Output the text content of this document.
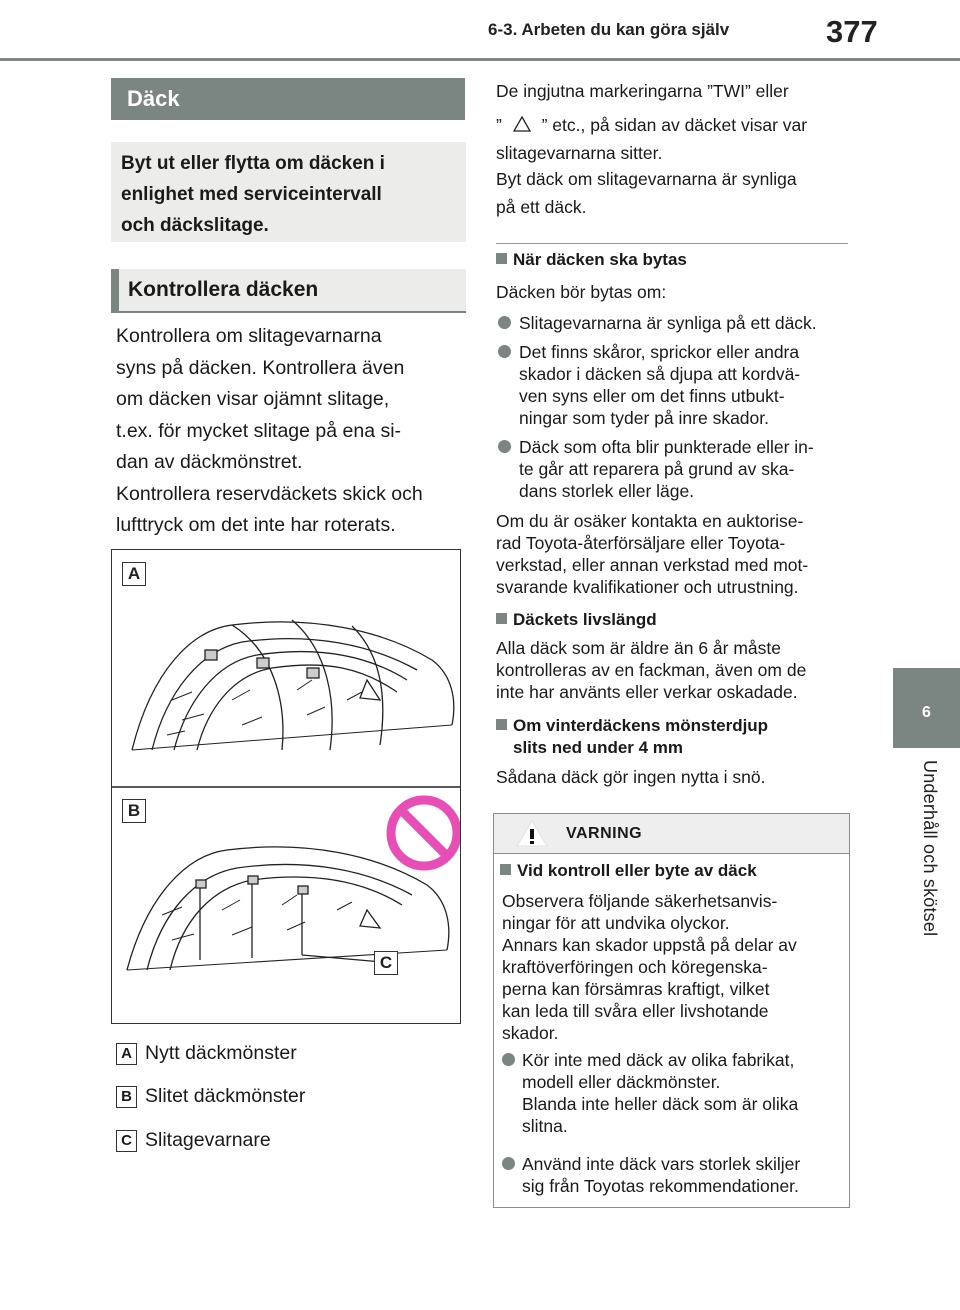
6-3. Arbeten du kan göra själv	377
6
Underhåll och skötsel
Däck
Byt ut eller flytta om däcken i
enlighet med serviceintervall
och däckslitage.
Kontrollera däcken

Kontrollera om slitagevarnarna

syns på däcken. Kontrollera även

om däcken visar ojämnt slitage,

t.ex. för mycket slitage på ena si-

dan av däckmönstret.

Kontrollera reservdäckets skick och

lufttryck om det inte har roterats.

A
B
C
A Nytt däckmönster
B Slitet däckmönster
C Slitagevarnare

De ingjutna markeringarna ”TWI” eller

” ” etc., på sidan av däcket visar var

slitagevarnarna sitter.

Byt däck om slitagevarnarna är synliga

på ett däck.

När däcken ska bytas
Däcken bör bytas om:
Slitagevarnarna är synliga på ett däck.
Det finns skåror, sprickor eller andra
skador i däcken så djupa att kordvä-
ven syns eller om det finns utbukt-
ningar som tyder på inre skador.
Däck som ofta blir punkterade eller in-
te går att reparera på grund av ska-
dans storlek eller läge.

Om du är osäker kontakta en auktorise-

rad Toyota-återförsäljare eller Toyota-

verkstad, eller annan verkstad med mot-

svarande kvalifikationer och utrustning.

Däckets livslängd

Alla däck som är äldre än 6 år måste

kontrolleras av en fackman, även om de

inte har använts eller verkar oskadade.

Om vinterdäckens mönsterdjup
slits ned under 4 mm
Sådana däck gör ingen nytta i snö.
VARNING
Vid kontroll eller byte av däck
Observera följande säkerhetsanvis-
ningar för att undvika olyckor.
Annars kan skador uppstå på delar av
kraftöverföringen och köregenska-
perna kan försämras kraftigt, vilket
kan leda till svåra eller livshotande
skador.
Kör inte med däck av olika fabrikat,
modell eller däckmönster.
Blanda inte heller däck som är olika
slitna.
Använd inte däck vars storlek skiljer
sig från Toyotas rekommendationer.
